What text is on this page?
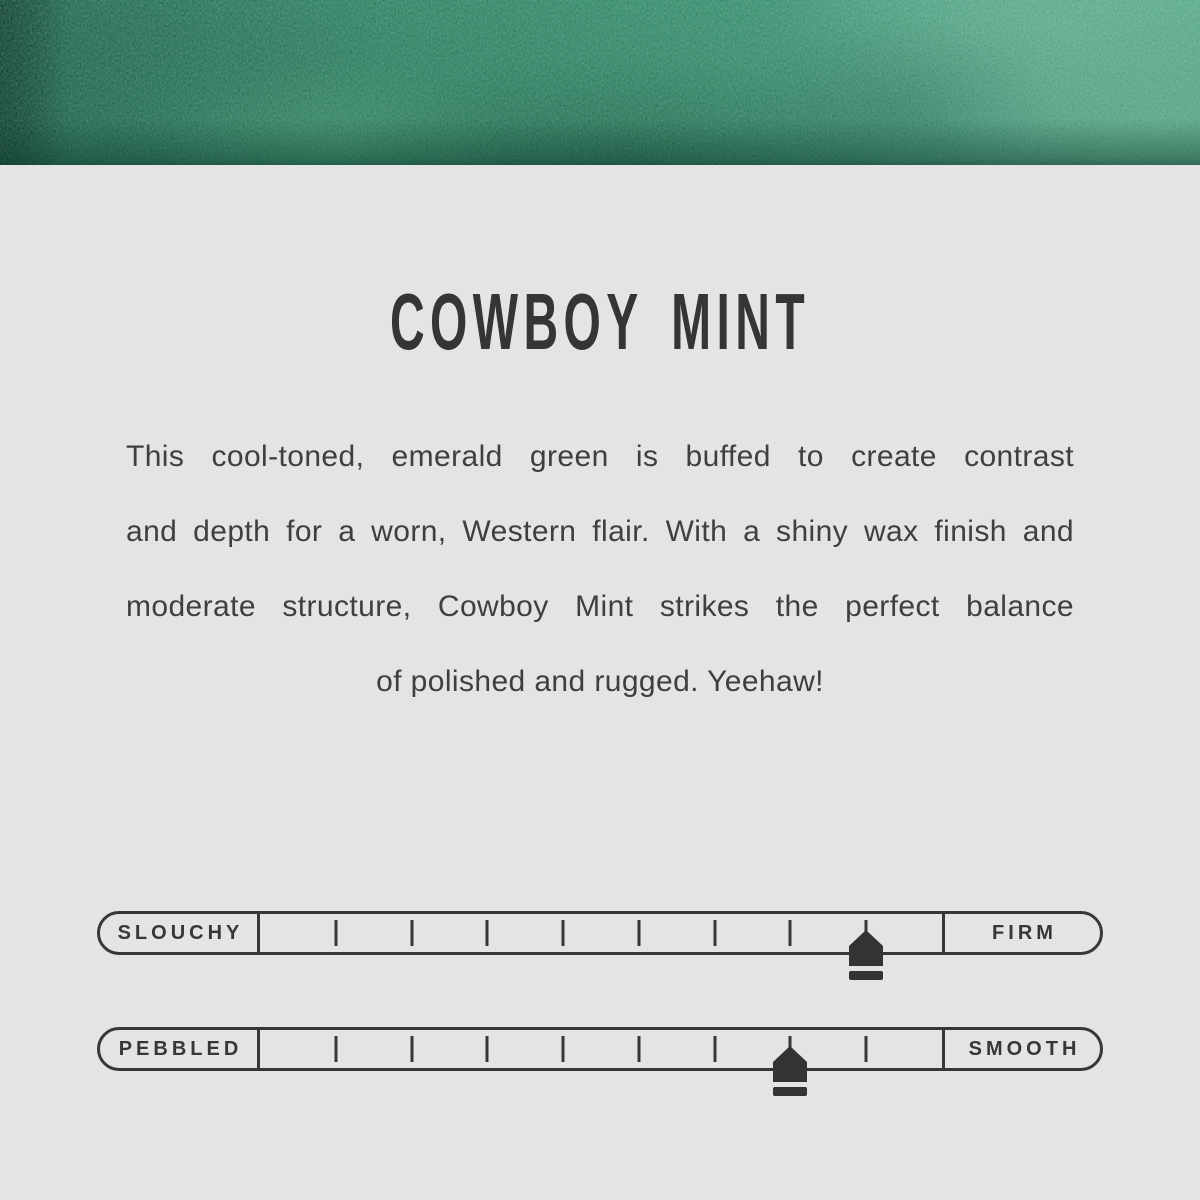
COWBOY MINT
This cool-toned, emerald green is buffed to create contrast
and depth for a worn, Western flair. With a shiny wax finish and
moderate structure, Cowboy Mint strikes the perfect balance
of polished and rugged. Yeehaw!
SLOUCHY	FIRM
PEBBLED	SMOOTH
